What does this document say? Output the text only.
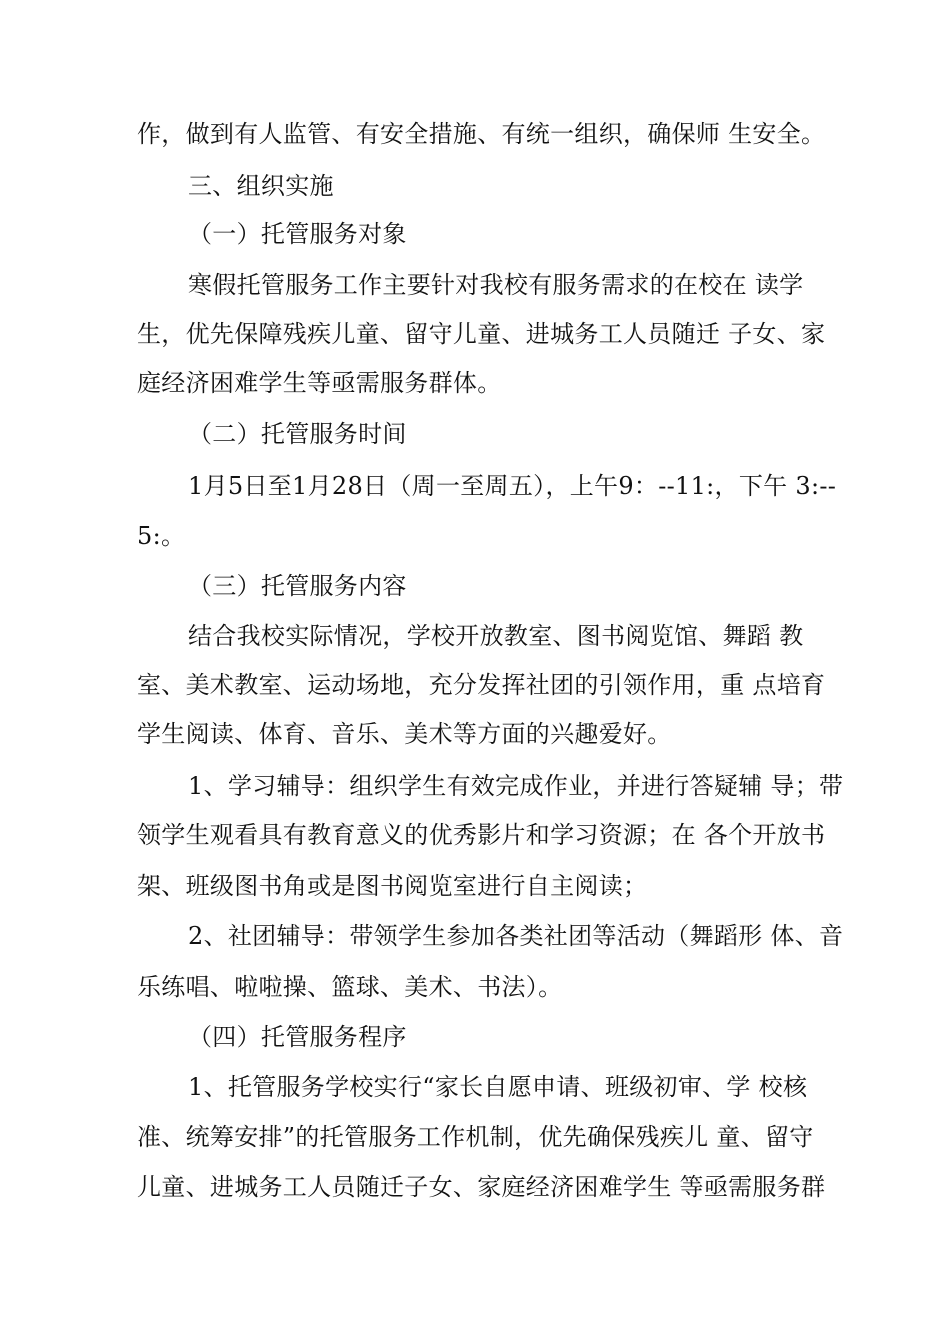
作，做到有人监管、有安全措施、有统一组织，确保师 生安全。
三、组织实施
（一）托管服务对象
寒假托管服务工作主要针对我校有服务需求的在校在 读学
生，优先保障残疾儿童、留守儿童、进城务工人员随迁 子女、家
庭经济困难学生等亟需服务群体。
（二）托管服务时间
1月5日至1月28日（周一至周五），上午9：--11:，下午 3:--
5:。
（三）托管服务内容
结合我校实际情况，学校开放教室、图书阅览馆、舞蹈 教
室、美术教室、运动场地，充分发挥社团的引领作用，重 点培育
学生阅读、体育、音乐、美术等方面的兴趣爱好。
1、学习辅导：组织学生有效完成作业，并进行答疑辅 导；带
领学生观看具有教育意义的优秀影片和学习资源；在 各个开放书
架、班级图书角或是图书阅览室进行自主阅读；
2、社团辅导：带领学生参加各类社团等活动（舞蹈形 体、音
乐练唱、啦啦操、篮球、美术、书法）。
（四）托管服务程序
1、托管服务学校实行“家长自愿申请、班级初审、学 校核
准、统筹安排”的托管服务工作机制，优先确保残疾儿 童、留守
儿童、进城务工人员随迁子女、家庭经济困难学生 等亟需服务群
